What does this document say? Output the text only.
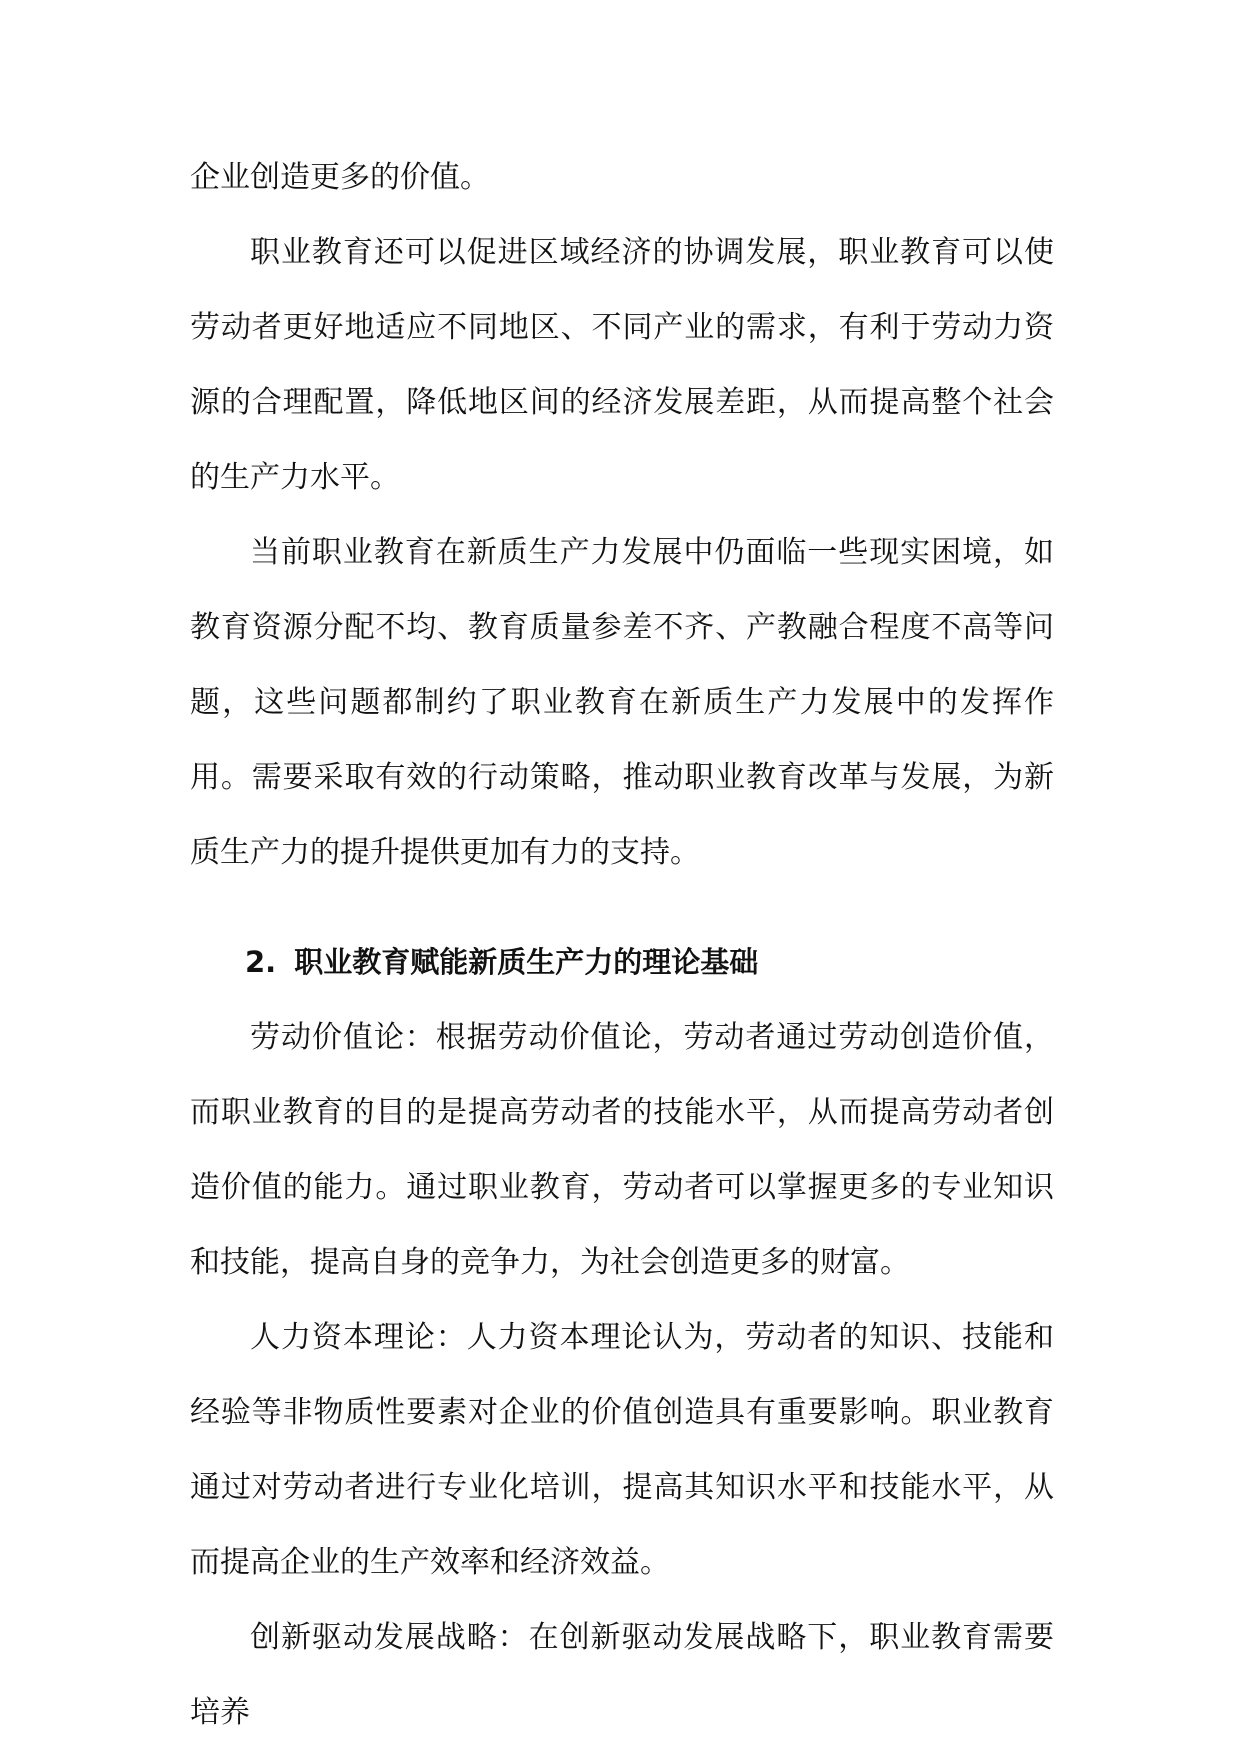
企业创造更多的价值。

职业教育还可以促进区域经济的协调发展，职业教育可以使劳动者更好地适应不同地区、不同产业的需求，有利于劳动力资源的合理配置，降低地区间的经济发展差距，从而提高整个社会的生产力水平。

当前职业教育在新质生产力发展中仍面临一些现实困境，如教育资源分配不均、教育质量参差不齐、产教融合程度不高等问题，这些问题都制约了职业教育在新质生产力发展中的发挥作用。需要采取有效的行动策略，推动职业教育改革与发展，为新质生产力的提升提供更加有力的支持。

2. 职业教育赋能新质生产力的理论基础

劳动价值论：根据劳动价值论，劳动者通过劳动创造价值，而职业教育的目的是提高劳动者的技能水平，从而提高劳动者创造价值的能力。通过职业教育，劳动者可以掌握更多的专业知识和技能，提高自身的竞争力，为社会创造更多的财富。

人力资本理论：人力资本理论认为，劳动者的知识、技能和经验等非物质性要素对企业的价值创造具有重要影响。职业教育通过对劳动者进行专业化培训，提高其知识水平和技能水平，从而提高企业的生产效率和经济效益。

创新驱动发展战略：在创新驱动发展战略下，职业教育需要培养
